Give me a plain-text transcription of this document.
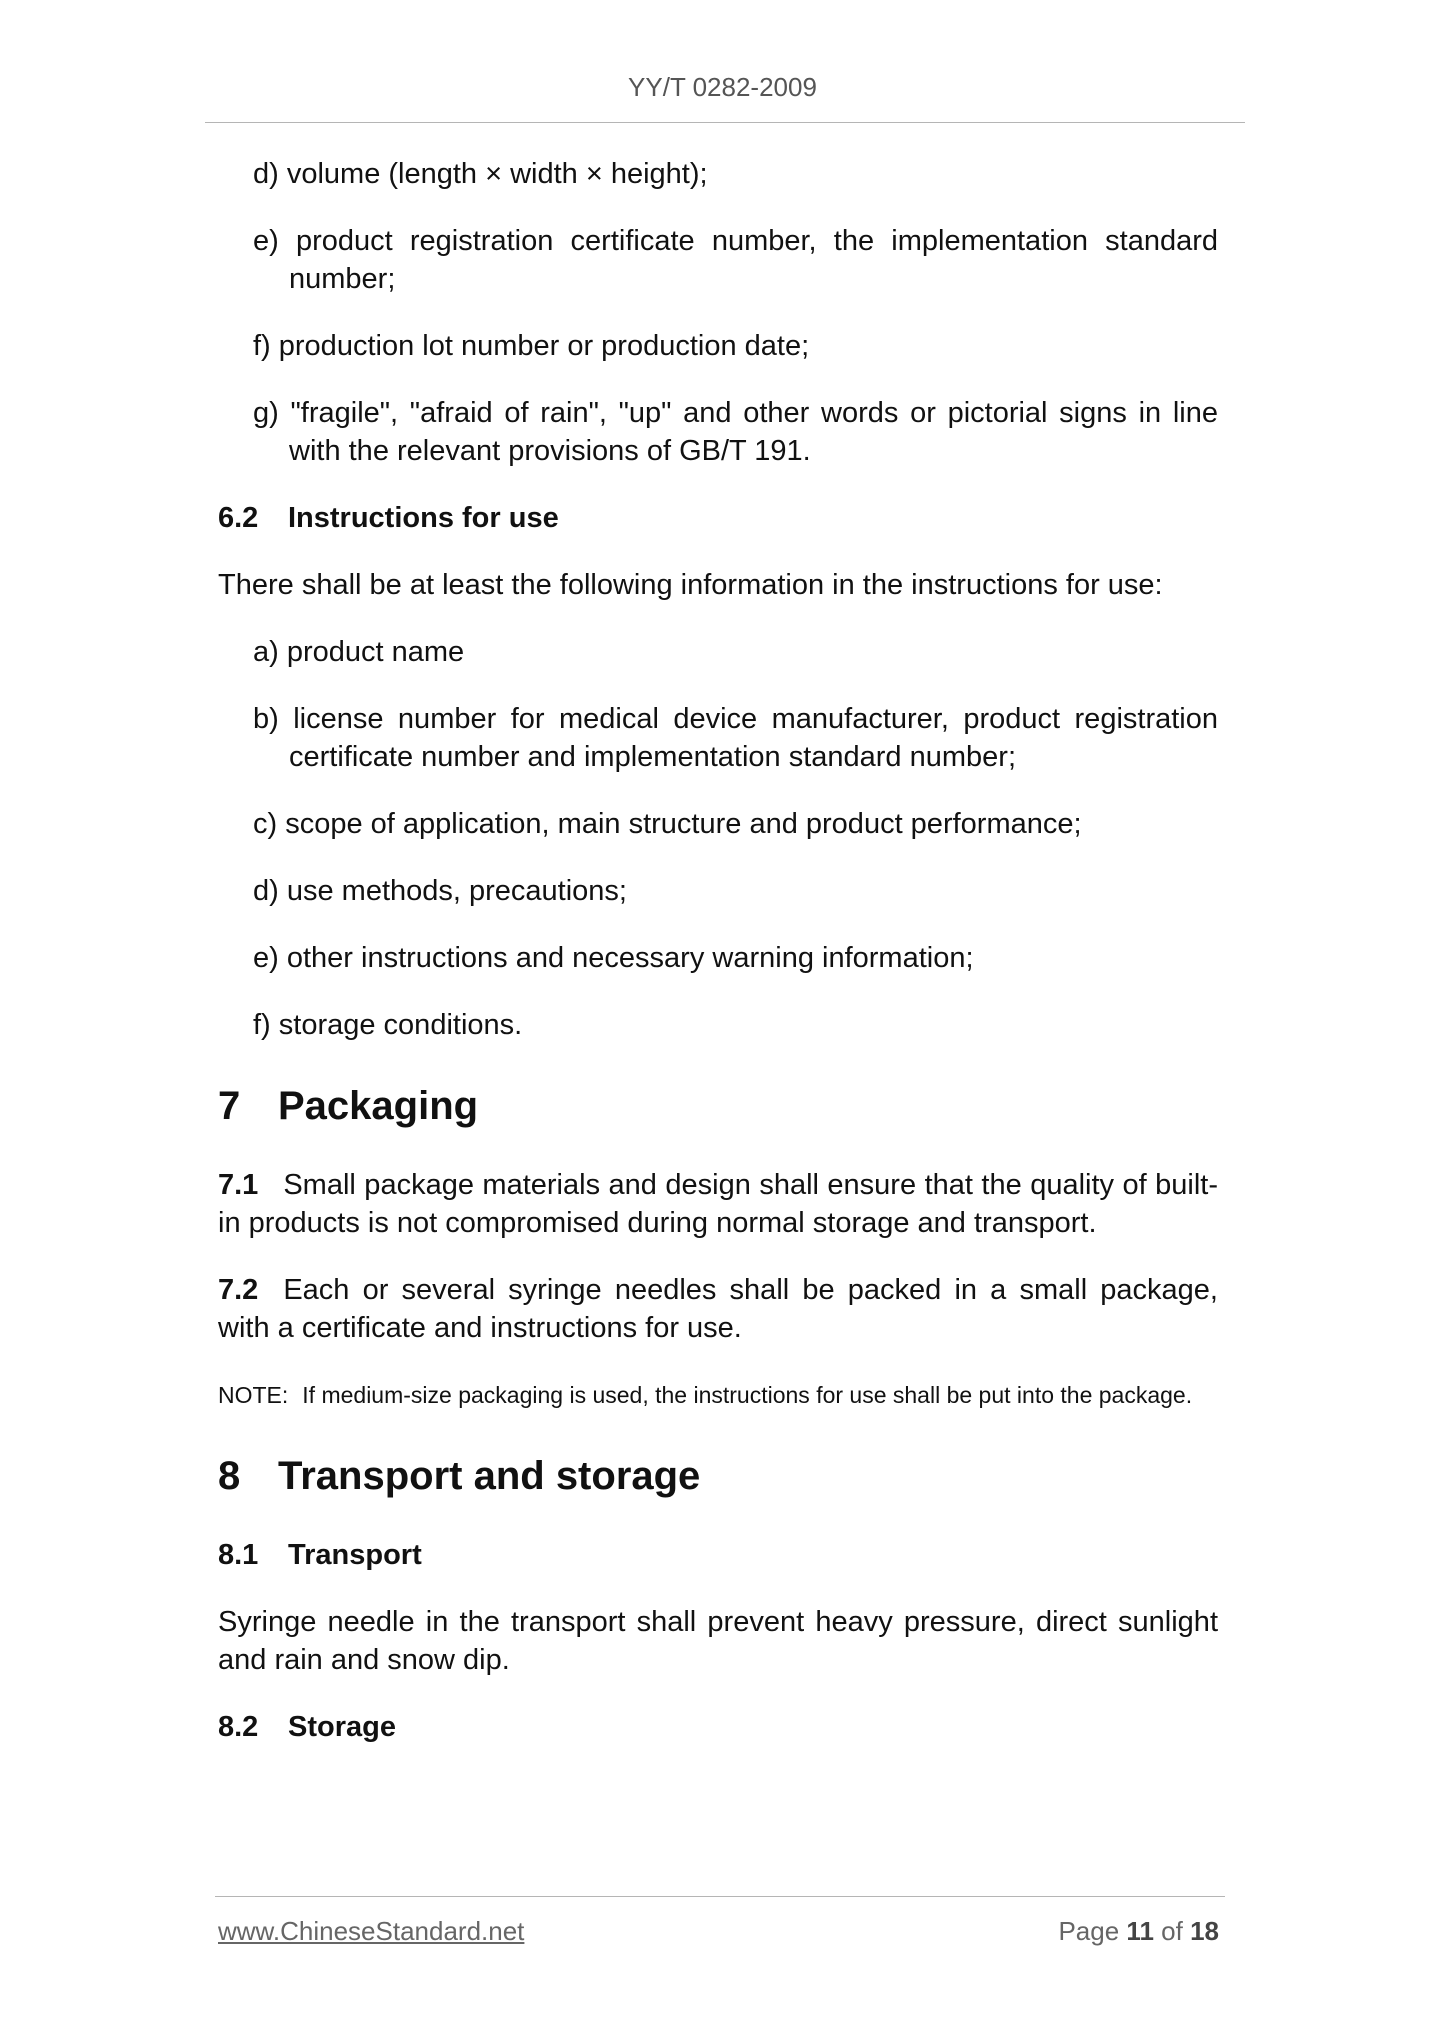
YY/T 0282-2009
d) volume (length × width × height);
e) product registration certificate number, the implementation standard number;
f) production lot number or production date;
g) "fragile", "afraid of rain", "up" and other words or pictorial signs in line with the relevant provisions of GB/T 191.
6.2 Instructions for use

There shall be at least the following information in the instructions for use:

a) product name
b) license number for medical device manufacturer, product registration certificate number and implementation standard number;
c) scope of application, main structure and product performance;
d) use methods, precautions;
e) other instructions and necessary warning information;
f) storage conditions.
7 Packaging

7.1 Small package materials and design shall ensure that the quality of built-in products is not compromised during normal storage and transport.

7.2 Each or several syringe needles shall be packed in a small package, with a certificate and instructions for use.

NOTE: If medium-size packaging is used, the instructions for use shall be put into the package.
8 Transport and storage
8.1 Transport

Syringe needle in the transport shall prevent heavy pressure, direct sunlight and rain and snow dip.

8.2 Storage
www.ChineseStandard.net	Page 11 of 18
